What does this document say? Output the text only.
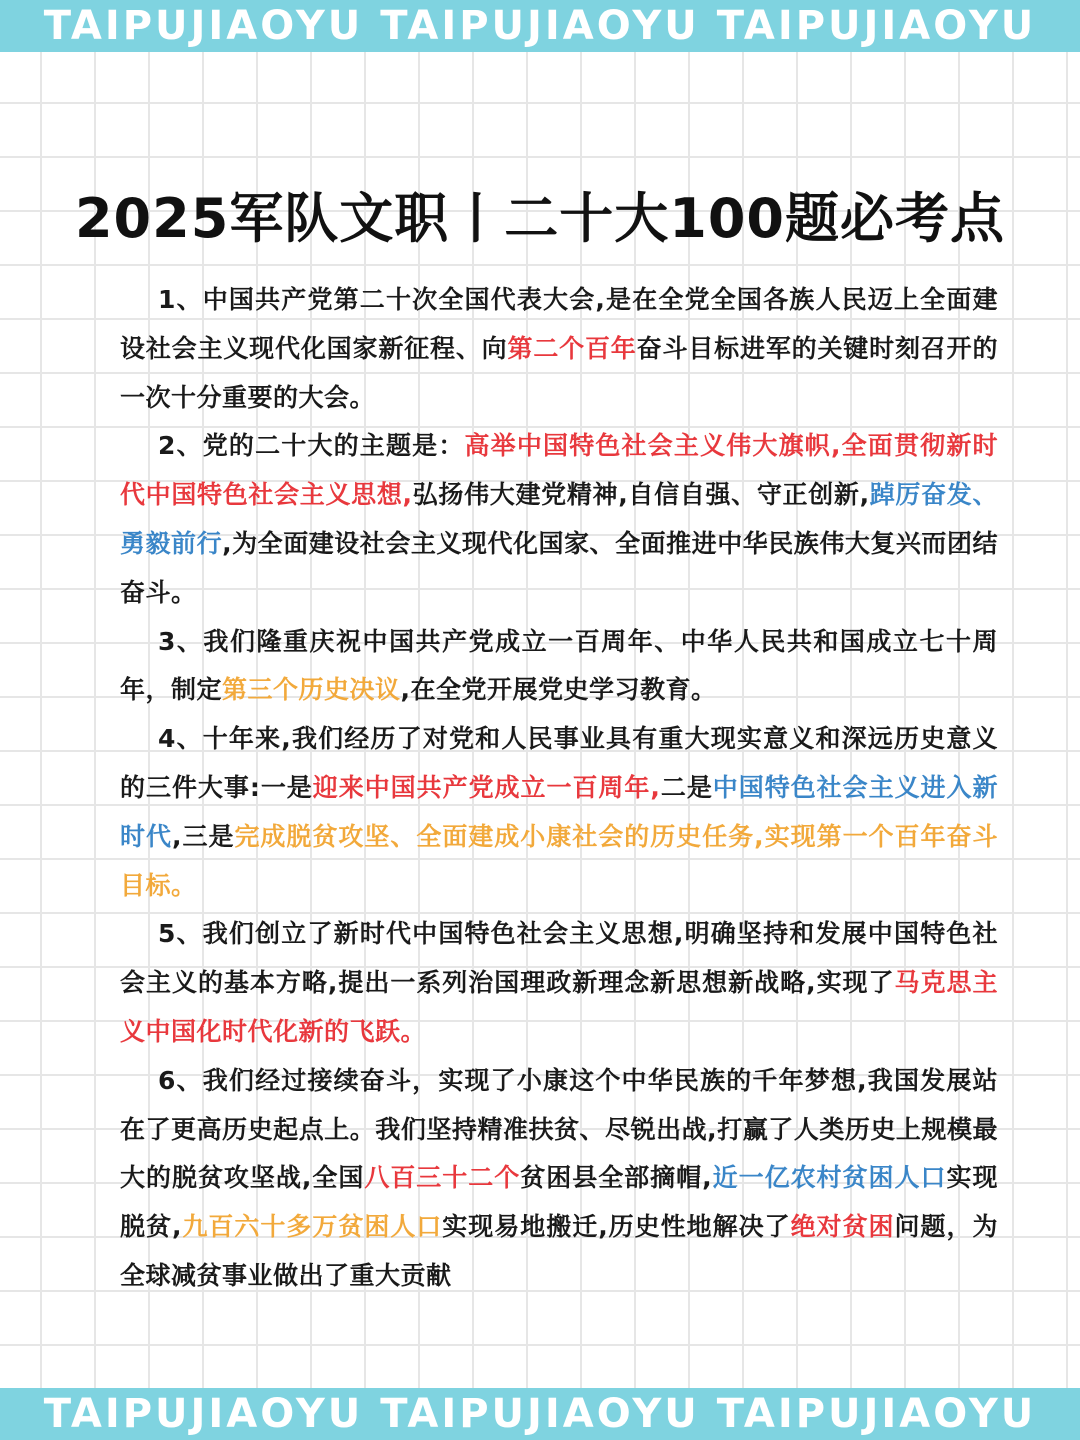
TAIPUJIAOYU TAIPUJIAOYU TAIPUJIAOYU
2025军队文职丨二十大100题必考点

1、中国共产党第二十次全国代表大会,是在全党全国各族人民迈上全面建设社会主义现代化国家新征程、向第二个百年奋斗目标进军的关键时刻召开的一次十分重要的大会。

2、党的二十大的主题是：高举中国特色社会主义伟大旗帜,全面贯彻新时代中国特色社会主义思想,弘扬伟大建党精神,自信自强、守正创新,踔厉奋发、勇毅前行,为全面建设社会主义现代化国家、全面推进中华民族伟大复兴而团结奋斗。

3、我们隆重庆祝中国共产党成立一百周年、中华人民共和国成立七十周年，制定第三个历史决议,在全党开展党史学习教育。

4、十年来,我们经历了对党和人民事业具有重大现实意义和深远历史意义的三件大事:一是迎来中国共产党成立一百周年,二是中国特色社会主义进入新时代,三是完成脱贫攻坚、全面建成小康社会的历史任务,实现第一个百年奋斗目标。

5、我们创立了新时代中国特色社会主义思想,明确坚持和发展中国特色社会主义的基本方略,提出一系列治国理政新理念新思想新战略,实现了马克思主义中国化时代化新的飞跃。

6、我们经过接续奋斗，实现了小康这个中华民族的千年梦想,我国发展站在了更高历史起点上。我们坚持精准扶贫、尽锐出战,打赢了人类历史上规模最大的脱贫攻坚战,全国八百三十二个贫困县全部摘帽,近一亿农村贫困人口实现脱贫,九百六十多万贫困人口实现易地搬迁,历史性地解决了绝对贫困问题，为全球减贫事业做出了重大贡献

TAIPUJIAOYU TAIPUJIAOYU TAIPUJIAOYU
